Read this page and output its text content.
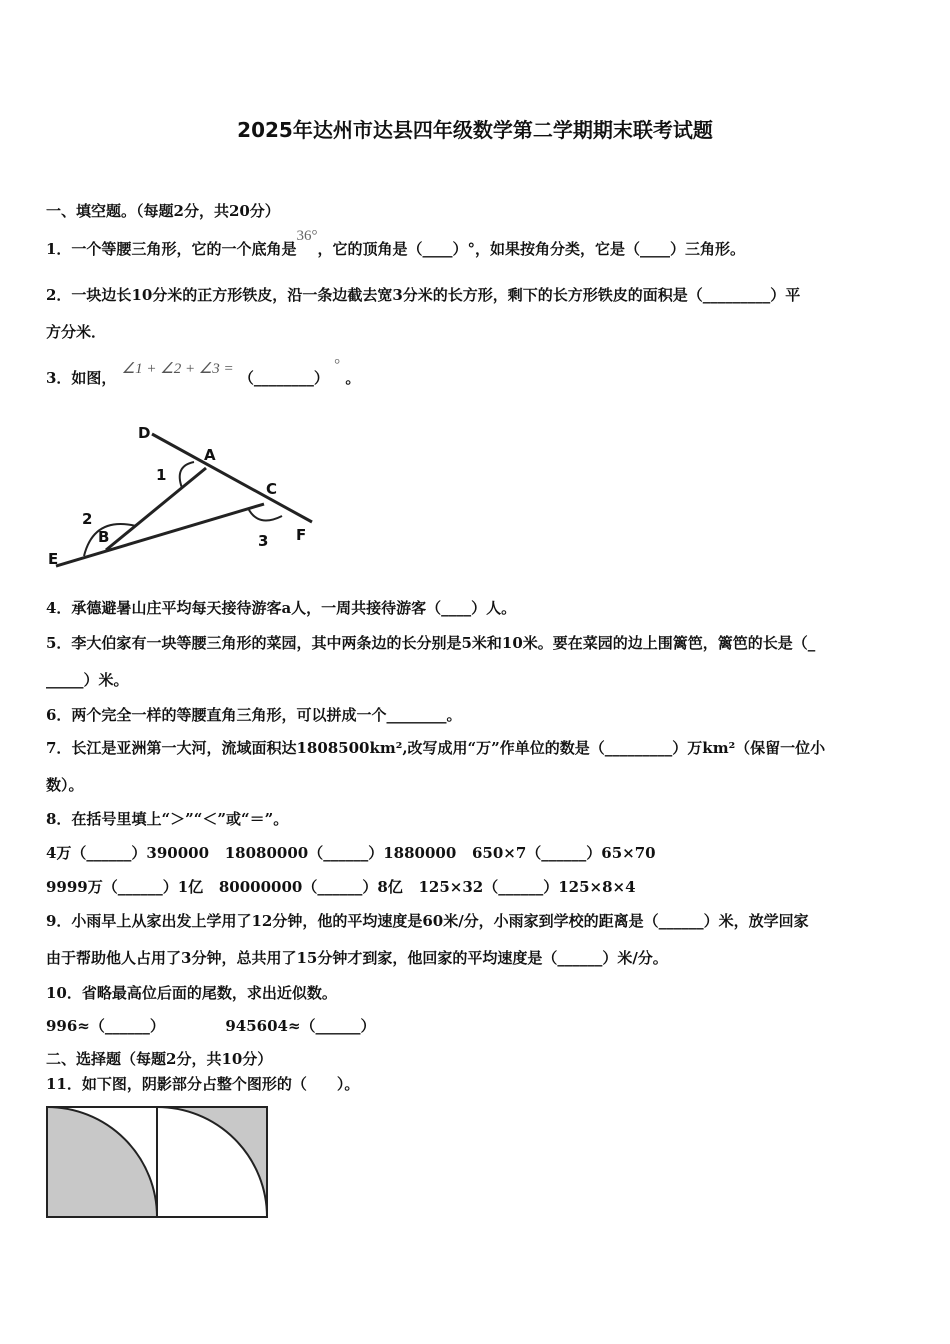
2025年达州市达县四年级数学第二学期期末联考试题
一、填空题。（每题2分，共20分）
1．一个等腰三角形，它的一个底角是36°，它的顶角是（____）°，如果按角分类，它是（____）三角形。
2．一块边长10分米的正方形铁皮，沿一条边截去宽3分米的长方形，剩下的长方形铁皮的面积是（_________）平
方分米．
3．如图， ∠1 + ∠2 + ∠3 = （________） ° 。
D
A
C
F
B
E
1
2
3
4．承德避暑山庄平均每天接待游客a人，一周共接待游客（____）人。
5．李大伯家有一块等腰三角形的菜园，其中两条边的长分别是5米和10米。要在菜园的边上围篱笆，篱笆的长是（_
_____）米。
6．两个完全一样的等腰直角三角形，可以拼成一个________。
7．长江是亚洲第一大河，流域面积达1808500km²,改写成用“万”作单位的数是（_________）万km²（保留一位小
数）。
8．在括号里填上“＞”“＜”或“＝”。
4万（______）390000   18080000（______）1880000   650×7（______）65×70
9999万（______）1亿   80000000（______）8亿   125×32（______）125×8×4
9．小雨早上从家出发上学用了12分钟，他的平均速度是60米/分，小雨家到学校的距离是（______）米，放学回家
由于帮助他人占用了3分钟，总共用了15分钟才到家，他回家的平均速度是（______）米/分。
10．省略最高位后面的尾数，求出近似数。
996≈（______）	945604≈（______）
二、选择题（每题2分，共10分）
11．如下图，阴影部分占整个图形的（　　）。
